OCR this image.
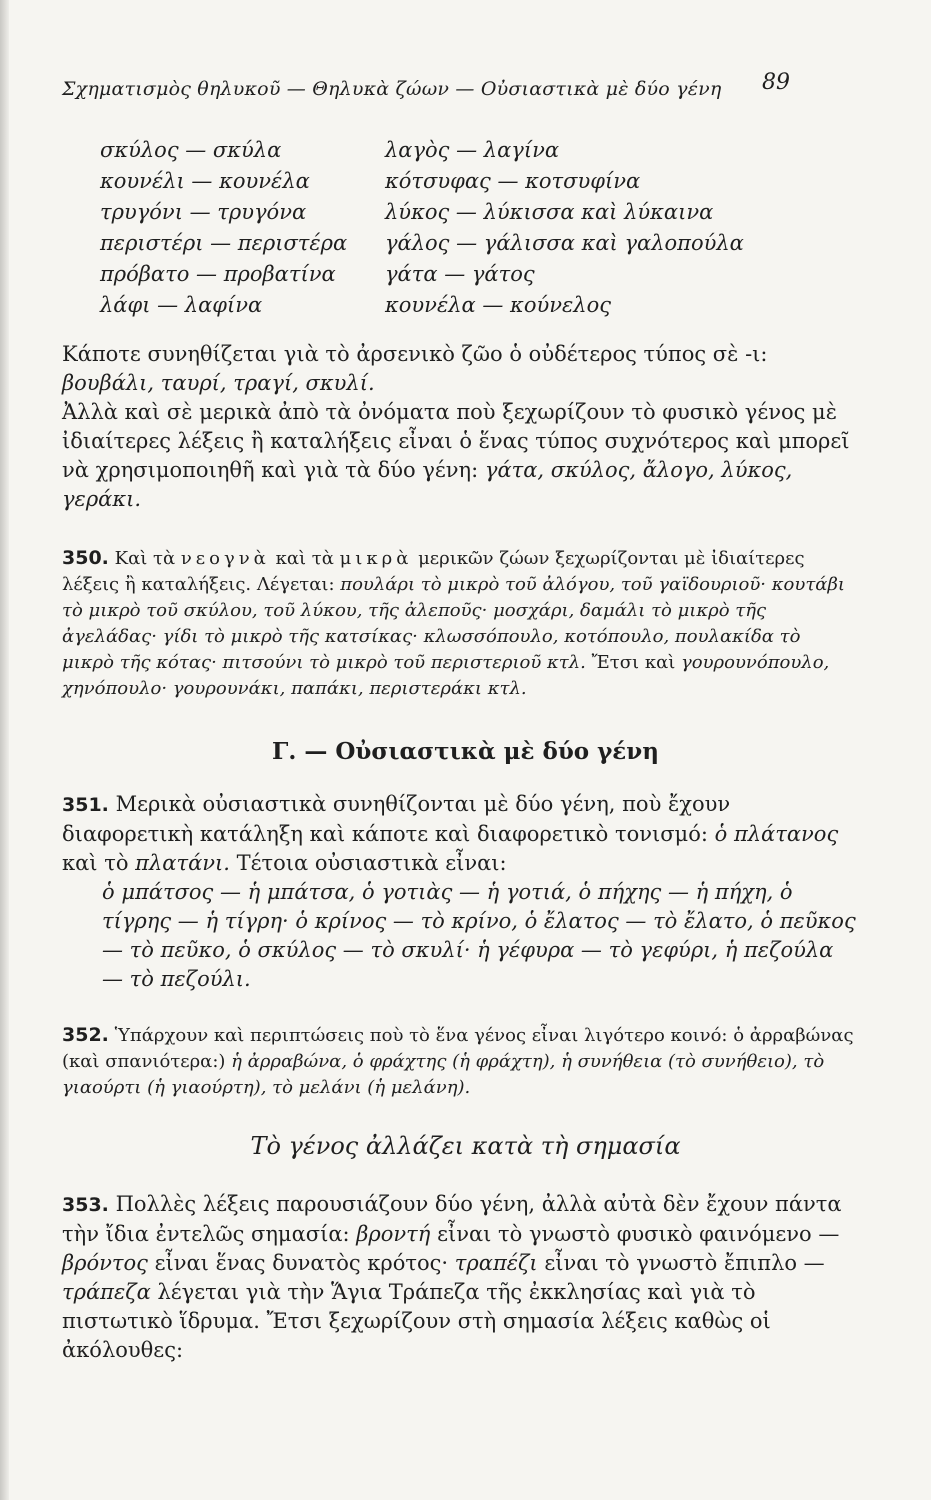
Σχηματισμὸς θηλυκοῦ — Θηλυκὰ ζώων — Οὐσιαστικὰ μὲ δύο γένη 89
σκύλος — σκύλα
κουνέλι — κουνέλα
τρυγόνι — τρυγόνα
περιστέρι — περιστέρα
πρόβατο — προβατίνα
λάφι — λαφίνα
λαγὸς — λαγίνα
κότσυφας — κοτσυφίνα
λύκος — λύκισσα καὶ λύκαινα
γάλος — γάλισσα καὶ γαλοπούλα
γάτα — γάτος
κουνέλα — κούνελος
Κάποτε συνηθίζεται γιὰ τὸ ἀρσενικὸ ζῶο ὁ οὐδέτερος τύπος σὲ -ι: βουβάλι, ταυρί, τραγί, σκυλί.
Ἀλλὰ καὶ σὲ μερικὰ ἀπὸ τὰ ὀνόματα ποὺ ξεχωρίζουν τὸ φυσικὸ γένος μὲ ἰδιαίτερες λέξεις ἢ καταλήξεις εἶναι ὁ ἕνας τύπος συχνότερος καὶ μπορεῖ νὰ χρησιμοποιηθῆ καὶ γιὰ τὰ δύο γένη: γάτα, σκύλος, ἄλογο, λύκος, γεράκι.
350. Καὶ τὰ νεογνὰ καὶ τὰ μικρὰ μερικῶν ζώων ξεχωρίζονται μὲ ἰδιαίτερες λέξεις ἢ καταλήξεις. Λέγεται: πουλάρι τὸ μικρὸ τοῦ ἀλόγου, τοῦ γαϊδουριοῦ· κουτάβι τὸ μικρὸ τοῦ σκύλου, τοῦ λύκου, τῆς ἀλεποῦς· μοσχάρι, δαμάλι τὸ μικρὸ τῆς ἀγελάδας· γίδι τὸ μικρὸ τῆς κατσίκας· κλωσσόπουλο, κοτόπουλο, πουλακίδα τὸ μικρὸ τῆς κότας· πιτσούνι τὸ μικρὸ τοῦ περιστεριοῦ κτλ. Ἔτσι καὶ γουρουνόπουλο, χηνόπουλο· γουρουνάκι, παπάκι, περιστεράκι κτλ.
Γ. — Οὐσιαστικὰ μὲ δύο γένη
351. Μερικὰ οὐσιαστικὰ συνηθίζονται μὲ δύο γένη, ποὺ ἔχουν διαφορετικὴ κατάληξη καὶ κάποτε καὶ διαφορετικὸ τονισμό: ὁ πλάτανος καὶ τὸ πλατάνι. Τέτοια οὐσιαστικὰ εἶναι:
ὁ μπάτσος — ἡ μπάτσα, ὁ γοτιὰς — ἡ γοτιά, ὁ πήχης — ἡ πήχη, ὁ τίγρης — ἡ τίγρη· ὁ κρίνος — τὸ κρίνο, ὁ ἔλατος — τὸ ἔλατο, ὁ πεῦκος — τὸ πεῦκο, ὁ σκύλος — τὸ σκυλί· ἡ γέφυρα — τὸ γεφύρι, ἡ πεζούλα — τὸ πεζούλι.
352. Ὑπάρχουν καὶ περιπτώσεις ποὺ τὸ ἕνα γένος εἶναι λιγότερο κοινό: ὁ ἀρραβώνας (καὶ σπανιότερα:) ἡ ἀρραβώνα, ὁ φράχτης (ἡ φράχτη), ἡ συνήθεια (τὸ συνήθειο), τὸ γιαούρτι (ἡ γιαούρτη), τὸ μελάνι (ἡ μελάνη).
Τὸ γένος ἀλλάζει κατὰ τὴ σημασία
353. Πολλὲς λέξεις παρουσιάζουν δύο γένη, ἀλλὰ αὐτὰ δὲν ἔχουν πάντα τὴν ἴδια ἐντελῶς σημασία: βροντή εἶναι τὸ γνωστὸ φυσικὸ φαινόμενο — βρόντος εἶναι ἕνας δυνατὸς κρότος· τραπέζι εἶναι τὸ γνωστὸ ἔπιπλο — τράπεζα λέγεται γιὰ τὴν Ἅγια Τράπεζα τῆς ἐκκλησίας καὶ γιὰ τὸ πιστωτικὸ ἵδρυμα. Ἔτσι ξεχωρίζουν στὴ σημασία λέξεις καθὼς οἱ ἀκόλουθες:
